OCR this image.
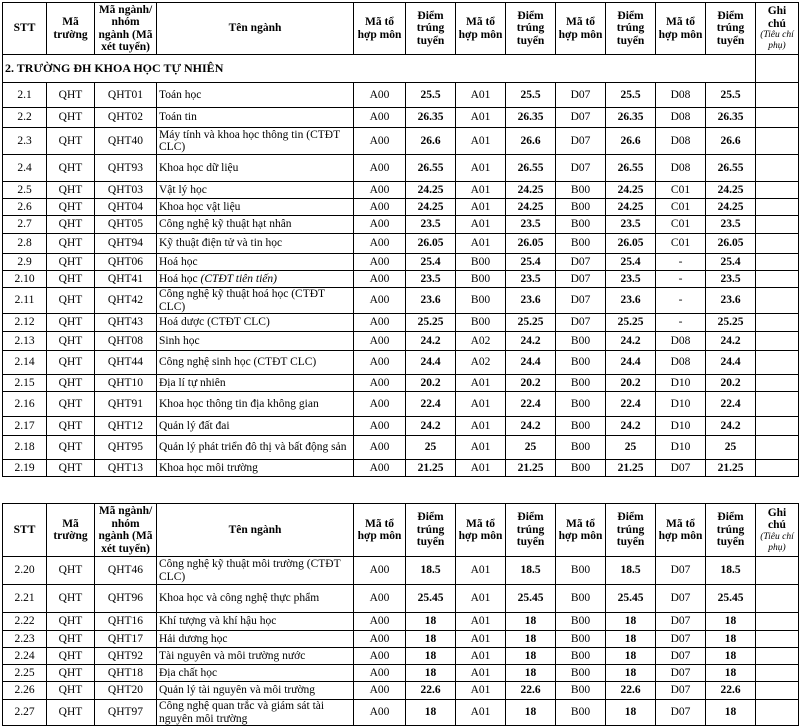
STT	Mã trường	Mã ngành/ nhóm ngành (Mã xét tuyển)	Tên ngành	Mã tổ hợp môn	Điểm trúng tuyển	Mã tổ hợp môn	Điểm trúng tuyển	Mã tổ hợp môn	Điểm trúng tuyển	Mã tổ hợp môn	Điểm trúng tuyển	Ghi chú
(Tiêu chí phụ)

2. TRƯỜNG ĐH KHOA HỌC TỰ NHIÊN												
2.1	QHT	QHT01	Toán học	A00	25.5	A01	25.5	D07	25.5	D08	25.5	
2.2	QHT	QHT02	Toán tin	A00	26.35	A01	26.35	D07	26.35	D08	26.35	
2.3	QHT	QHT40	Máy tính và khoa học thông tin (CTĐT CLC)	A00	26.6	A01	26.6	D07	26.6	D08	26.6	
2.4	QHT	QHT93	Khoa học dữ liệu	A00	26.55	A01	26.55	D07	26.55	D08	26.55	
2.5	QHT	QHT03	Vật lý học	A00	24.25	A01	24.25	B00	24.25	C01	24.25	
2.6	QHT	QHT04	Khoa học vật liệu	A00	24.25	A01	24.25	B00	24.25	C01	24.25	
2.7	QHT	QHT05	Công nghệ kỹ thuật hạt nhân	A00	23.5	A01	23.5	B00	23.5	C01	23.5	
2.8	QHT	QHT94	Kỹ thuật điện tử và tin học	A00	26.05	A01	26.05	B00	26.05	C01	26.05	
2.9	QHT	QHT06	Hoá học	A00	25.4	B00	25.4	D07	25.4	-	25.4	
2.10	QHT	QHT41	Hoá học (CTĐT tiên tiến)	A00	23.5	B00	23.5	D07	23.5	-	23.5	
2.11	QHT	QHT42	Công nghệ kỹ thuật hoá học (CTĐT CLC)	A00	23.6	B00	23.6	D07	23.6	-	23.6	
2.12	QHT	QHT43	Hoá dược (CTĐT CLC)	A00	25.25	B00	25.25	D07	25.25	-	25.25	
2.13	QHT	QHT08	Sinh học	A00	24.2	A02	24.2	B00	24.2	D08	24.2	
2.14	QHT	QHT44	Công nghệ sinh học (CTĐT CLC)	A00	24.4	A02	24.4	B00	24.4	D08	24.4	
2.15	QHT	QHT10	Địa lí tự nhiên	A00	20.2	A01	20.2	B00	20.2	D10	20.2	
2.16	QHT	QHT91	Khoa học thông tin địa không gian	A00	22.4	A01	22.4	B00	22.4	D10	22.4	
2.17	QHT	QHT12	Quản lý đất đai	A00	24.2	A01	24.2	B00	24.2	D10	24.2	
2.18	QHT	QHT95	Quản lý phát triển đô thị và bất động sản	A00	25	A01	25	B00	25	D10	25	
2.19	QHT	QHT13	Khoa học môi trường	A00	21.25	A01	21.25	B00	21.25	D07	21.25	
STT	Mã trường	Mã ngành/ nhóm ngành (Mã xét tuyển)	Tên ngành	Mã tổ hợp môn	Điểm trúng tuyển	Mã tổ hợp môn	Điểm trúng tuyển	Mã tổ hợp môn	Điểm trúng tuyển	Mã tổ hợp môn	Điểm trúng tuyển	Ghi chú
(Tiêu chí phụ)

2.20	QHT	QHT46	Công nghệ kỹ thuật môi trường (CTĐT CLC)	A00	18.5	A01	18.5	B00	18.5	D07	18.5	
2.21	QHT	QHT96	Khoa học và công nghệ thực phẩm	A00	25.45	A01	25.45	B00	25.45	D07	25.45	
2.22	QHT	QHT16	Khí tượng và khí hậu học	A00	18	A01	18	B00	18	D07	18	
2.23	QHT	QHT17	Hải dương học	A00	18	A01	18	B00	18	D07	18	
2.24	QHT	QHT92	Tài nguyên và môi trường nước	A00	18	A01	18	B00	18	D07	18	
2.25	QHT	QHT18	Địa chất học	A00	18	A01	18	B00	18	D07	18	
2.26	QHT	QHT20	Quản lý tài nguyên và môi trường	A00	22.6	A01	22.6	B00	22.6	D07	22.6	
2.27	QHT	QHT97	Công nghệ quan trắc và giám sát tài nguyên môi trường	A00	18	A01	18	B00	18	D07	18	
